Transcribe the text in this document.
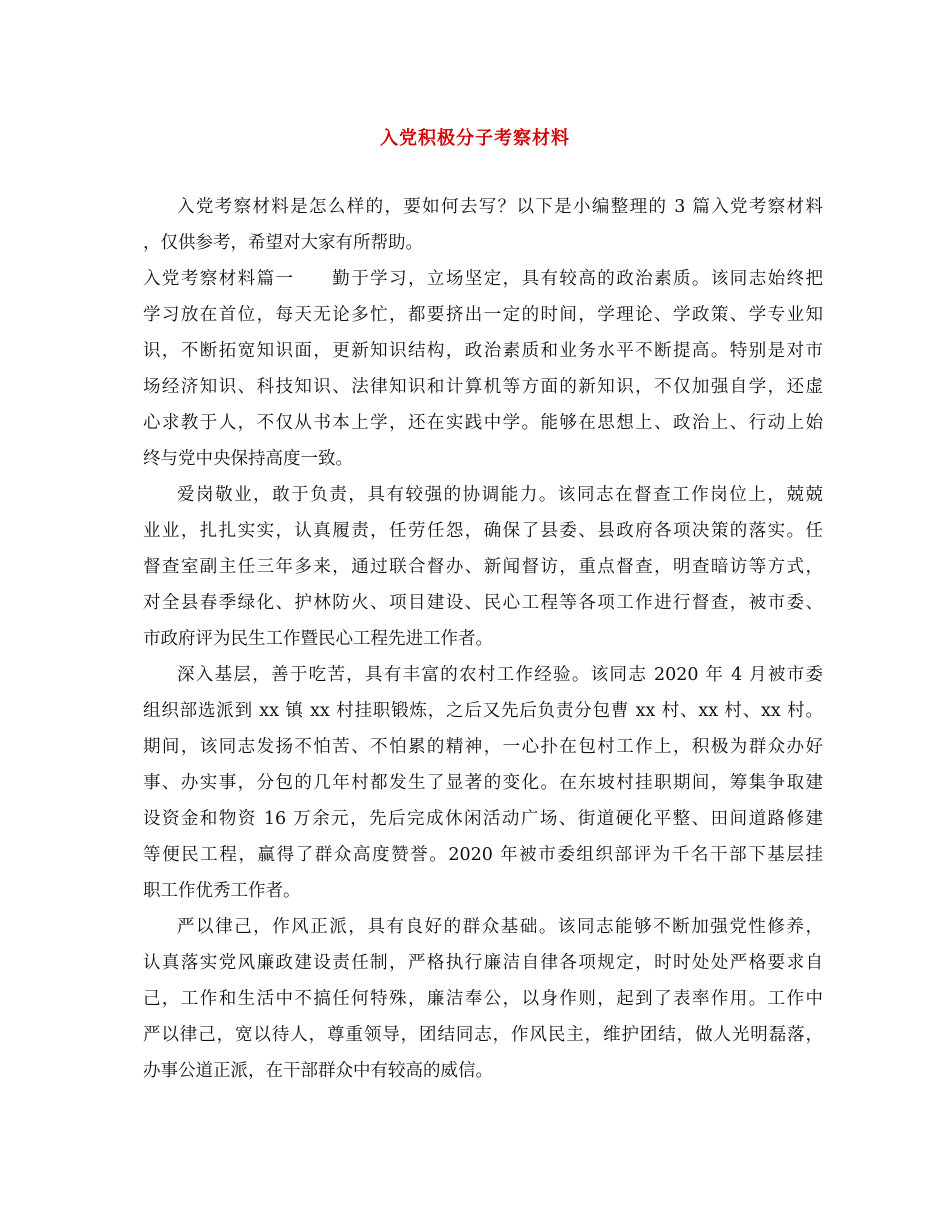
入党积极分子考察材料
入党考察材料是怎么样的，要如何去写？以下是小编整理的 3 篇入党考察材料
，仅供参考，希望对大家有所帮助。
入党考察材料篇一　　勤于学习，立场坚定，具有较高的政治素质。该同志始终把
学习放在首位，每天无论多忙，都要挤出一定的时间，学理论、学政策、学专业知
识，不断拓宽知识面，更新知识结构，政治素质和业务水平不断提高。特别是对市
场经济知识、科技知识、法律知识和计算机等方面的新知识，不仅加强自学，还虚
心求教于人，不仅从书本上学，还在实践中学。能够在思想上、政治上、行动上始
终与党中央保持高度一致。
爱岗敬业，敢于负责，具有较强的协调能力。该同志在督查工作岗位上，兢兢
业业，扎扎实实，认真履责，任劳任怨，确保了县委、县政府各项决策的落实。任
督查室副主任三年多来，通过联合督办、新闻督访，重点督查，明查暗访等方式，
对全县春季绿化、护林防火、项目建设、民心工程等各项工作进行督查，被市委、
市政府评为民生工作暨民心工程先进工作者。
深入基层，善于吃苦，具有丰富的农村工作经验。该同志 2020 年 4 月被市委
组织部选派到 xx 镇 xx 村挂职锻炼，之后又先后负责分包曹 xx 村、xx 村、xx 村。
期间，该同志发扬不怕苦、不怕累的精神，一心扑在包村工作上，积极为群众办好
事、办实事，分包的几年村都发生了显著的变化。在东坡村挂职期间，筹集争取建
设资金和物资 16 万余元，先后完成休闲活动广场、街道硬化平整、田间道路修建
等便民工程，赢得了群众高度赞誉。2020 年被市委组织部评为千名干部下基层挂
职工作优秀工作者。
严以律己，作风正派，具有良好的群众基础。该同志能够不断加强党性修养，
认真落实党风廉政建设责任制，严格执行廉洁自律各项规定，时时处处严格要求自
己，工作和生活中不搞任何特殊，廉洁奉公，以身作则，起到了表率作用。工作中
严以律己，宽以待人，尊重领导，团结同志，作风民主，维护团结，做人光明磊落，
办事公道正派，在干部群众中有较高的威信。
